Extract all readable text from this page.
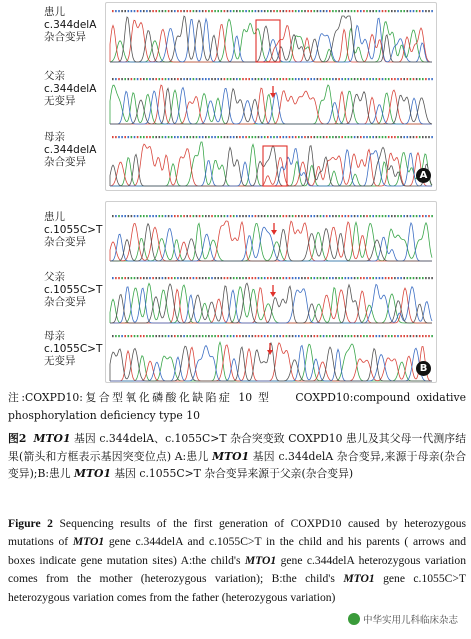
患儿
c.344delA
杂合变异
父亲
c.344delA
无变异
母亲
c.344delA
杂合变异
A
患儿
c.1055C>T
杂合变异
父亲
c.1055C>T
杂合变异
母亲
c.1055C>T
无变异
B
注:COXPD10:复合型氧化磷酸化缺陷症 10 型 COXPD10:compound oxidative phosphorylation deficiency type 10
图2 MTO1 基因 c.344delA、c.1055C>T 杂合突变致 COXPD10 患儿及其父母一代测序结果(箭头和方框表示基因突变位点) A:患儿 MTO1 基因 c.344delA 杂合变异,来源于母亲(杂合变异);B:患儿 MTO1 基因 c.1055C>T 杂合变异来源于父亲(杂合变异)
Figure 2 Sequencing results of the first generation of COXPD10 caused by heterozygous mutations of MTO1 gene c.344delA and c.1055C>T in the child and his parents ( arrows and boxes indicate gene mutation sites) A:the child's MTO1 gene c.344delA heterozygous variation comes from the mother (heterozygous variation); B:the child's MTO1 gene c.1055C>T heterozygous variation comes from the father (heterozygous variation)
中华实用儿科临床杂志
